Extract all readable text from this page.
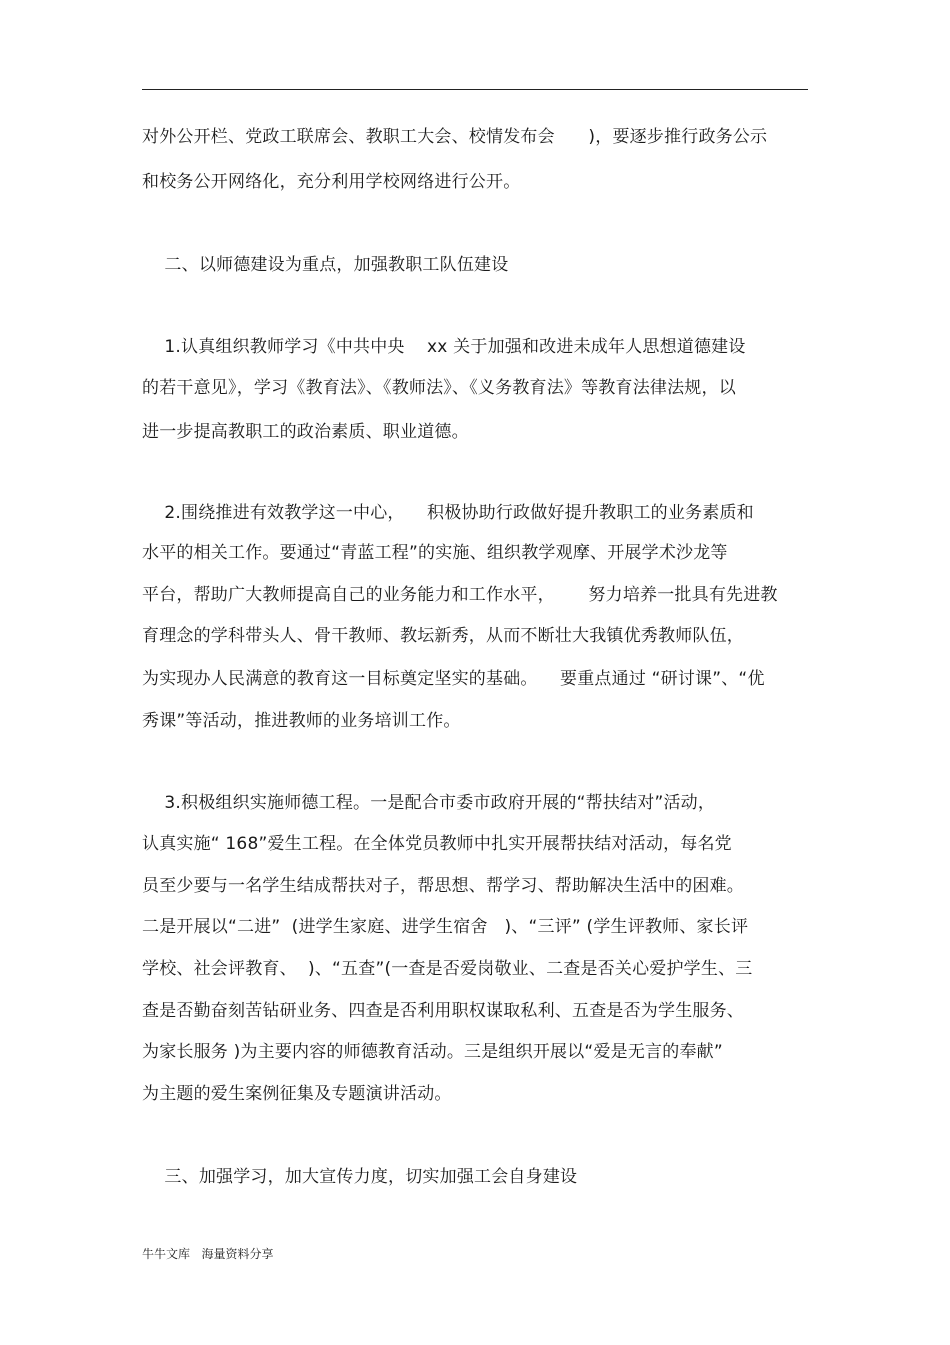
对外公开栏、党政工联席会、教职工大会、校情发布会      )，要逐步推行政务公示
和校务公开网络化，充分利用学校网络进行公开。
二、以师德建设为重点，加强教职工队伍建设
1.认真组织教师学习《中共中央    xx 关于加强和改进未成年人思想道德建设
的若干意见》，学习《教育法》、《教师法》、《义务教育法》等教育法律法规，以
进一步提高教职工的政治素质、职业道德。
2.围绕推进有效教学这一中心，    积极协助行政做好提升教职工的业务素质和
水平的相关工作。要通过“青蓝工程”的实施、组织教学观摩、开展学术沙龙等
平台，帮助广大教师提高自己的业务能力和工作水平，      努力培养一批具有先进教
育理念的学科带头人、骨干教师、教坛新秀，从而不断壮大我镇优秀教师队伍，
为实现办人民满意的教育这一目标奠定坚实的基础。    要重点通过 “研讨课”、“优
秀课”等活动，推进教师的业务培训工作。
3.积极组织实施师德工程。一是配合市委市政府开展的“帮扶结对”活动，
认真实施“ 168”爱生工程。在全体党员教师中扎实开展帮扶结对活动，每名党
员至少要与一名学生结成帮扶对子，帮思想、帮学习、帮助解决生活中的困难。
二是开展以“二进”  (进学生家庭、进学生宿舍   )、“三评” (学生评教师、家长评
学校、社会评教育、  )、“五查”(一查是否爱岗敬业、二查是否关心爱护学生、三
查是否勤奋刻苦钻研业务、四查是否利用职权谋取私利、五查是否为学生服务、
为家长服务 )为主要内容的师德教育活动。三是组织开展以“爱是无言的奉献”
为主题的爱生案例征集及专题演讲活动。
三、加强学习，加大宣传力度，切实加强工会自身建设
牛牛文库   海量资料分享
